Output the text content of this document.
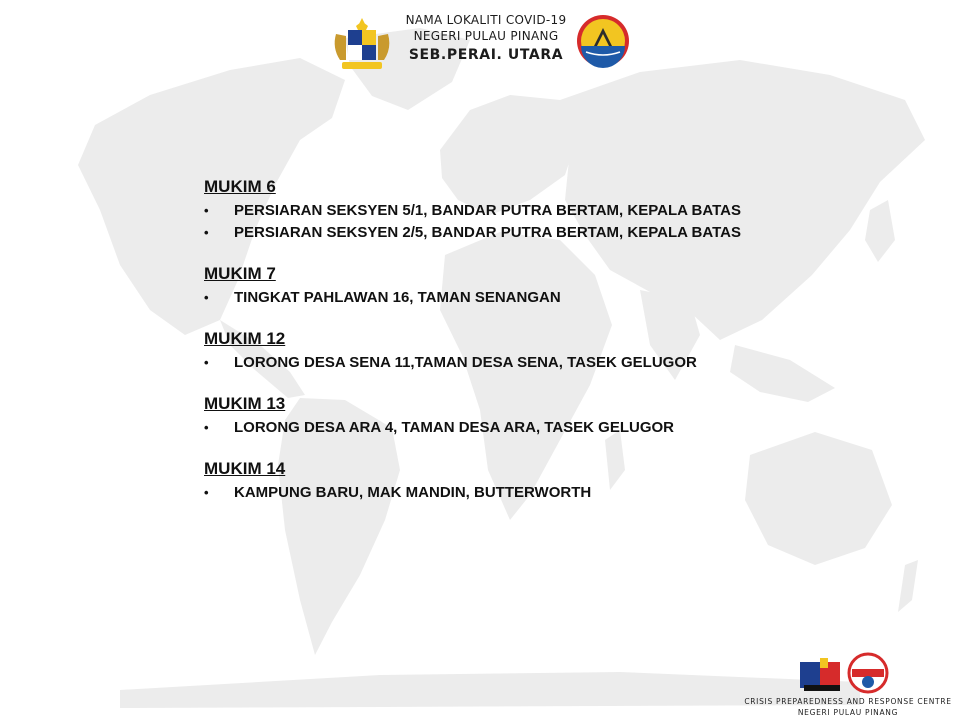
NAMA LOKALITI COVID-19
NEGERI PULAU PINANG
SEB.PERAI. UTARA
MUKIM 6
• PERSIARAN SEKSYEN 5/1, BANDAR PUTRA BERTAM, KEPALA BATAS
• PERSIARAN SEKSYEN 2/5, BANDAR PUTRA BERTAM, KEPALA BATAS
MUKIM 7
• TINGKAT PAHLAWAN 16, TAMAN SENANGAN
MUKIM 12
• LORONG DESA SENA 11,TAMAN DESA SENA, TASEK GELUGOR
MUKIM 13
• LORONG DESA ARA 4, TAMAN DESA ARA, TASEK GELUGOR
MUKIM 14
• KAMPUNG BARU, MAK MANDIN, BUTTERWORTH
CRISIS PREPAREDNESS AND RESPONSE CENTRE
NEGERI PULAU PINANG
